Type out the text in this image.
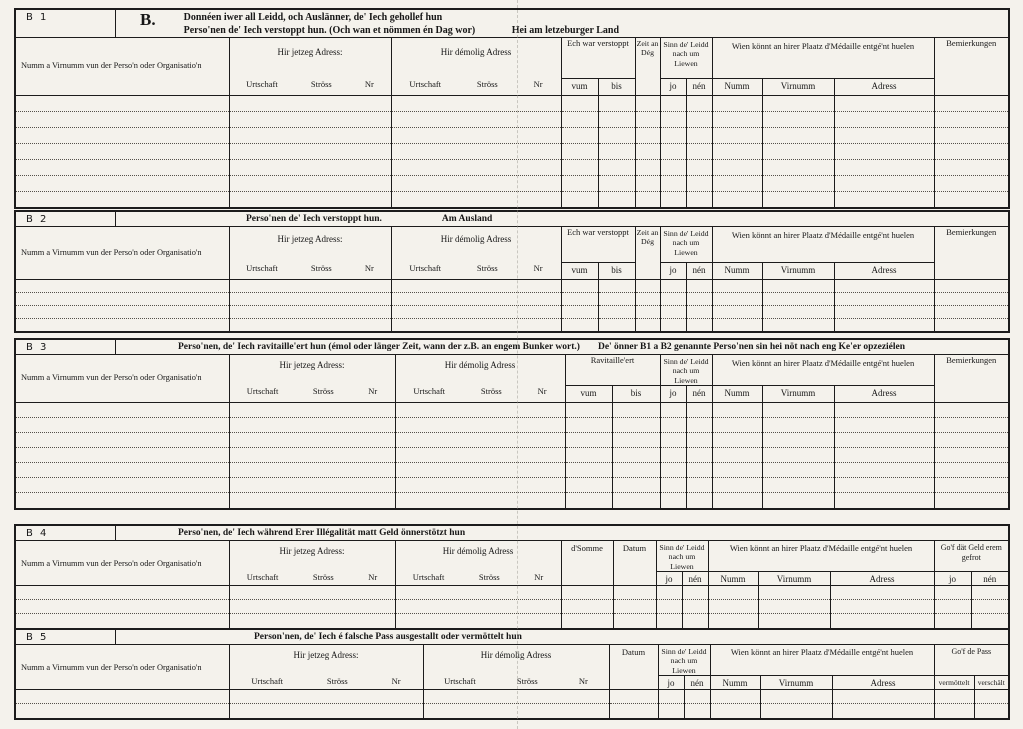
B 1	B.	Donnéen iwer all Leidd, och Auslänner, de' Iech gehollef hun
Perso'nen de' Iech verstoppt hun. (Och wan et nömmen én Dag wor)	Hei am letzeburger Land
Numm a Virnumm vun der Perso'n oder Organisatio'n	
Hir jetzeg Adress:
Urtschaft	Ströss	Nr

Hir démolig Adress
Urtschaft	Ströss	Nr
	Ech war verstoppt	Zeit an Dég	Sinn de' Leidd nach um Liewen	Wien könnt an hirer Plaatz d'Médaille entgé'nt huelen	Bemierkungen
			vum	bis		jo	nén	Numm	Virnumm	Adress	

B 2	Perso'nen de' Iech verstoppt hun.	Am Ausland
Numm a Virnumm vun der Perso'n oder Organisatio'n	
Hir jetzeg Adress:
Urtschaft	Ströss	Nr

Hir démolig Adress
Urtschaft	Ströss	Nr
	Ech war verstoppt	Zeit an Dég	Sinn de' Leidd nach um Liewen	Wien könnt an hirer Plaatz d'Médaille entgé'nt huelen	Bemierkungen
			vum	bis		jo	nén	Numm	Virnumm	Adress	

B 3	Perso'nen, de' Iech ravitaille'ert hun (émol oder länger Zeit, wann der z.B. an engem Bunker wort.) De' önner B1 a B2 genannte Perso'nen sin hei nöt nach eng Ke'er opzeziélen
Numm a Virnumm vun der Perso'n oder Organisatio'n	
Hir jetzeg Adress:
Urtschaft	Ströss	Nr

Hir démolig Adress
Urtschaft	Ströss	Nr
	Ravitaille'ert	Sinn de' Leidd nach um Liewen	Wien könnt an hirer Plaatz d'Médaille entgé'nt huelen	Bemierkungen
			vum	bis	jo	nén	Numm	Virnumm	Adress	

B 4	Perso'nen, de' Iech während Erer Illégalität matt Geld önnerstötzt hun
Numm a Virnumm vun der Perso'n oder Organisatio'n	
Hir jetzeg Adress:
Urtschaft	Ströss	Nr

Hir démolig Adress
Urtschaft	Ströss	Nr
	d'Somme	Datum	Sinn de' Leidd nach um Liewen	Wien könnt an hirer Plaatz d'Médaille entgé'nt huelen	Go'f dät Geld erem gefrot
					jo	nén	Numm	Virnumm	Adress	jo	nén

B 5	Person'nen, de' Iech é falsche Pass ausgestallt oder vermöttelt hun
Numm a Virnumm vun der Perso'n oder Organisatio'n	
Hir jetzeg Adress:
Urtschaft	Ströss	Nr

Hir démolig Adress
Urtschaft	Ströss	Nr
	Datum	Sinn de' Leidd nach um Liewen	Wien könnt an hirer Plaatz d'Médaille entgé'nt huelen	Go'f de Pass
				jo	nén	Numm	Virnumm	Adress	vermöttelt	verschält
